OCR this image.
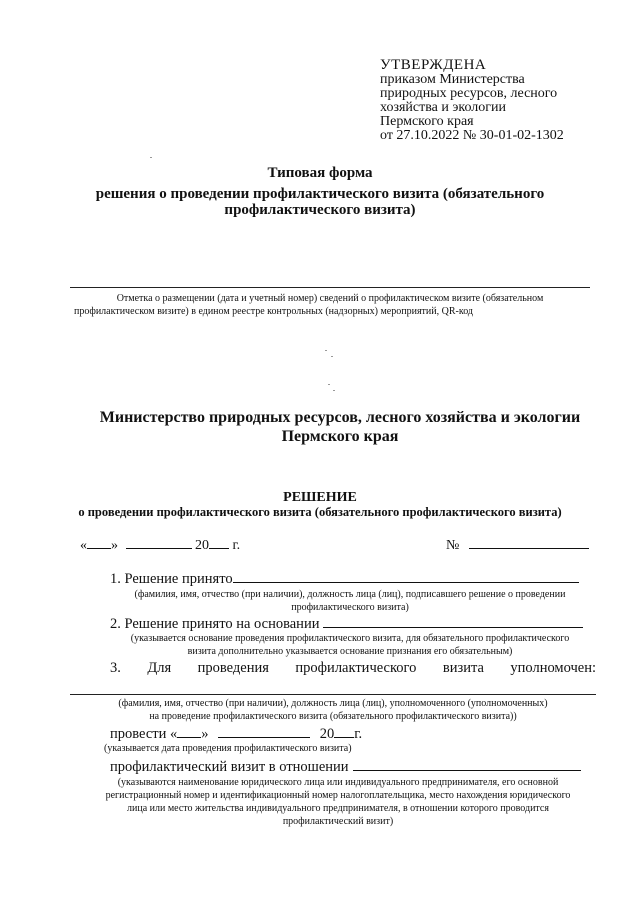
УТВЕРЖДЕНА
приказом Министерства
природных ресурсов, лесного
хозяйства и экологии
Пермского края
от 27.10.2022 № 30-01-02-1302
Типовая форма
решения о проведении профилактического визита (обязательного
профилактического визита)
Отметка о размещении (дата и учетный номер) сведений о профилактическом визите (обязательном
профилактическом визите) в едином реестре контрольных (надзорных) мероприятий, QR-код
Министерство природных ресурсов, лесного хозяйства и экологии
Пермского края
РЕШЕНИЕ
о проведении профилактического визита (обязательного профилактического визита)
« »	20 г.	№
1. Решение принято
(фамилия, имя, отчество (при наличии), должность лица (лиц), подписавшего решение о проведении
профилактического визита)
2. Решение принято на основании
(указывается основание проведения профилактического визита, для обязательного профилактического
визита дополнительно указывается основание признания его обязательным)
3. Для проведения профилактического визита уполномочен:
(фамилия, имя, отчество (при наличии), должность лица (лиц), уполномоченного (уполномоченных)
на проведение профилактического визита (обязательного профилактического визита))
провести « »	20 г.
(указывается дата проведения профилактического визита)
профилактический визит в отношении
(указываются наименование юридического лица или индивидуального предпринимателя, его основной
регистрационный номер и идентификационный номер налогоплательщика, место нахождения юридического
лица или место жительства индивидуального предпринимателя, в отношении которого проводится
профилактический визит)
